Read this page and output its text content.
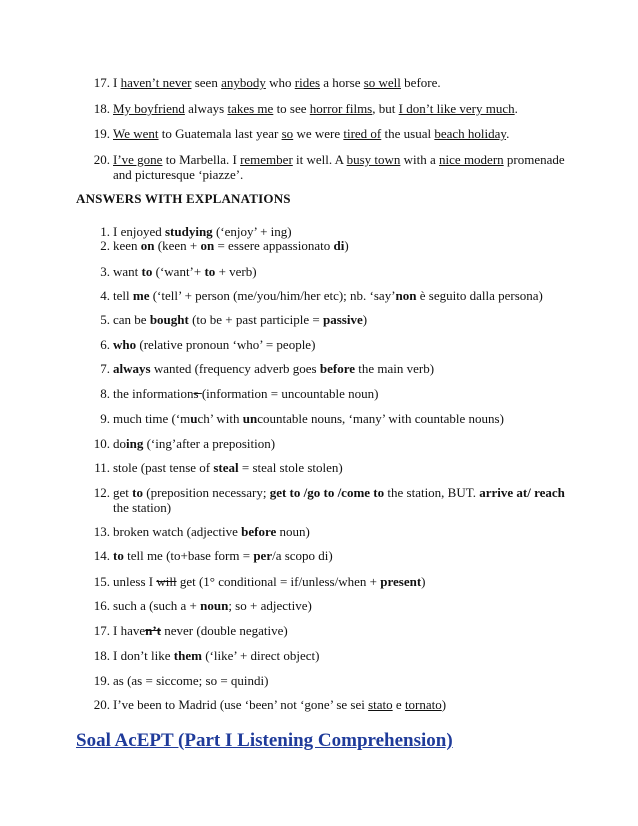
17. I haven’t never seen anybody who rides a horse so well before.
18. My boyfriend always takes me to see horror films, but I don’t like very much.
19. We went to Guatemala last year so we were tired of the usual beach holiday.
20. I’ve gone to Marbella. I remember it well. A busy town with a nice modern promenade and picturesque ‘piazze’.
ANSWERS WITH EXPLANATIONS
1. I enjoyed studying (‘enjoy’ + ing)
2. keen on (keen + on = essere appassionato di)
3. want to (‘want’+ to + verb)
4. tell me (‘tell’ + person (me/you/him/her etc); nb. ‘say’non è seguito dalla persona)
5. can be bought (to be + past participle = passive)
6. who (relative pronoun ‘who’ = people)
7. always wanted (frequency adverb goes before the main verb)
8. the informations (information = uncountable noun)
9. much time (‘much’ with uncountable nouns, ‘many’ with countable nouns)
10. doing (‘ing’after a preposition)
11. stole (past tense of steal = steal stole stolen)
12. get to (preposition necessary; get to /go to /come to the station, BUT. arrive at/ reach the station)
13. broken watch (adjective before noun)
14. to tell me (to+base form = per/a scopo di)
15. unless I will get (1° conditional = if/unless/when + present)
16. such a (such a + noun; so + adjective)
17. I haven’t never (double negative)
18. I don’t like them (‘like’ + direct object)
19. as (as = siccome; so = quindi)
20. I’ve been to Madrid (use ‘been’ not ‘gone’ se sei stato e tornato)
Soal AcEPT (Part I Listening Comprehension)
